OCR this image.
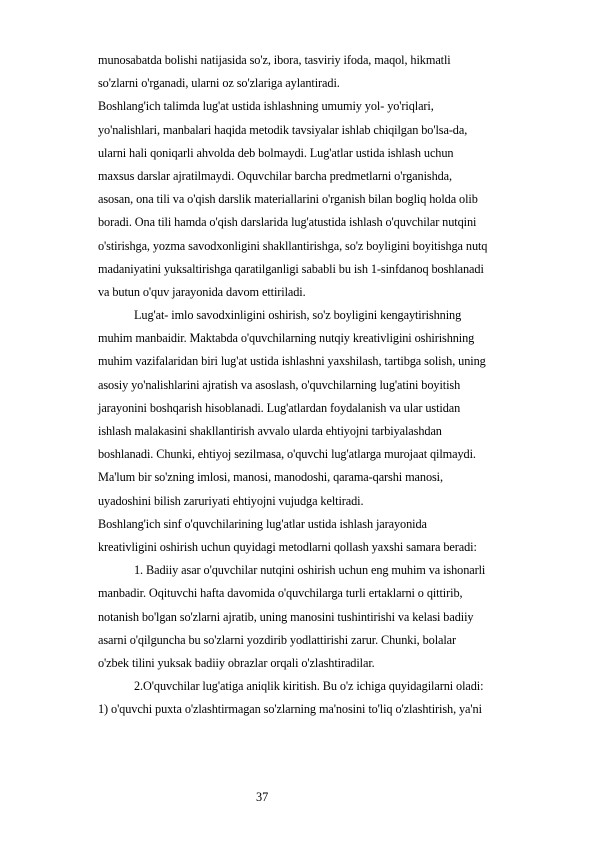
munosabatda bolishi natijasida so'z, ibora, tasviriy ifoda, maqol, hikmatli
so'zlarni o'rganadi, ularni oz so'zlariga aylantiradi.
Boshlang'ich talimda lug'at ustida ishlashning umumiy yol- yo'riqlari,
yo'nalishlari, manbalari haqida metodik tavsiyalar ishlab chiqilgan bo'lsa-da,
ularni hali qoniqarli ahvolda deb bolmaydi. Lug'atlar ustida ishlash uchun
maxsus darslar ajratilmaydi. Oquvchilar barcha predmetlarni o'rganishda,
asosan, ona tili va o'qish darslik materiallarini o'rganish bilan bogliq holda olib
boradi. Ona tili hamda o'qish darslarida lug'atustida ishlash o'quvchilar nutqini
o'stirishga, yozma savodxonligini shakllantirishga, so'z boyligini boyitishga nutq
madaniyatini yuksaltirishga qaratilganligi sababli bu ish 1-sinfdanoq boshlanadi
va butun o'quv jarayonida davom ettiriladi.
Lug'at- imlo savodxinligini oshirish, so'z boyligini kengaytirishning
muhim manbaidir. Maktabda o'quvchilarning nutqiy kreativligini oshirishning
muhim vazifalaridan biri lug'at ustida ishlashni yaxshilash, tartibga solish, uning
asosiy yo'nalishlarini ajratish va asoslash, o'quvchilarning lug'atini boyitish
jarayonini boshqarish hisoblanadi. Lug'atlardan foydalanish va ular ustidan
ishlash malakasini shakllantirish avvalo ularda ehtiyojni tarbiyalashdan
boshlanadi. Chunki, ehtiyoj sezilmasa, o'quvchi lug'atlarga murojaat qilmaydi.
Ma'lum bir so'zning imlosi, manosi, manodoshi, qarama-qarshi manosi,
uyadoshini bilish zaruriyati ehtiyojni vujudga keltiradi.
Boshlang'ich sinf o'quvchilarining lug'atlar ustida ishlash jarayonida
kreativligini oshirish uchun quyidagi metodlarni qollash yaxshi samara beradi:
1. Badiiy asar o'quvchilar nutqini oshirish uchun eng muhim va ishonarli
manbadir. Oqituvchi hafta davomida o'quvchilarga turli ertaklarni o qittirib,
notanish bo'lgan so'zlarni ajratib, uning manosini tushintirishi va kelasi badiiy
asarni o'qilguncha bu so'zlarni yozdirib yodlattirishi zarur. Chunki, bolalar
o'zbek tilini yuksak badiiy obrazlar orqali o'zlashtiradilar.
2.O'quvchilar lug'atiga aniqlik kiritish. Bu o'z ichiga quyidagilarni oladi:
1) o'quvchi puxta o'zlashtirmagan so'zlarning ma'nosini to'liq o'zlashtirish, ya'ni
37
